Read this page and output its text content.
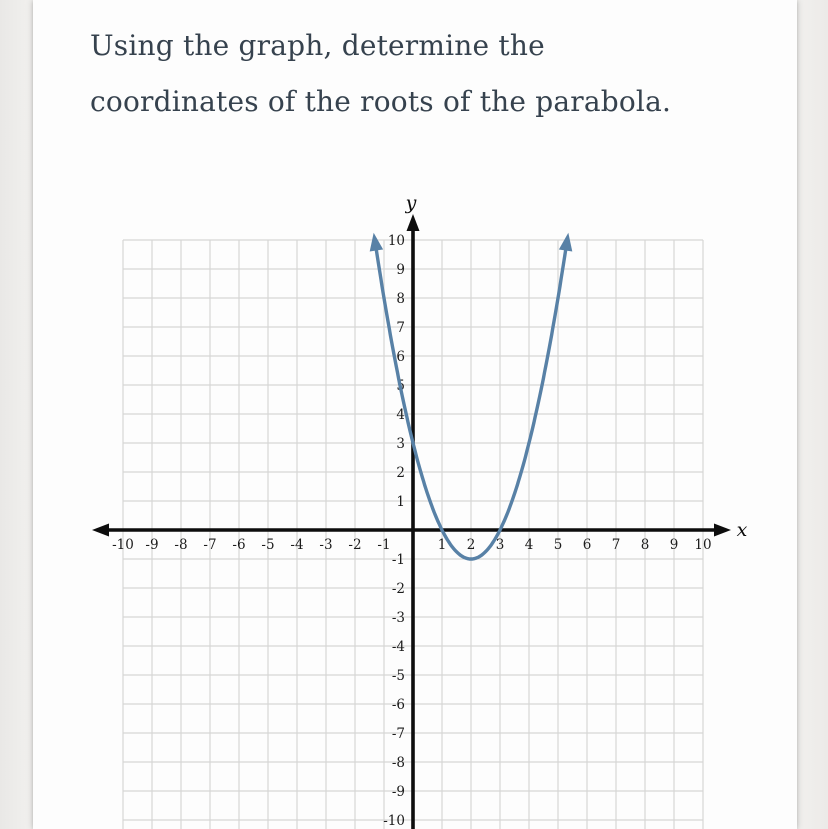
Using the graph, determine the
coordinates of the roots of the parabola.

-10 -9 -8 -7 -6 -5 -4 -3 -2 -1	1 2 3 4 5 6 7 8 9 10
10
9
8
7
6
5
4
3
2
1
-1
-2
-3
-4
-5
-6
-7
-8
-9
-10
y
x
